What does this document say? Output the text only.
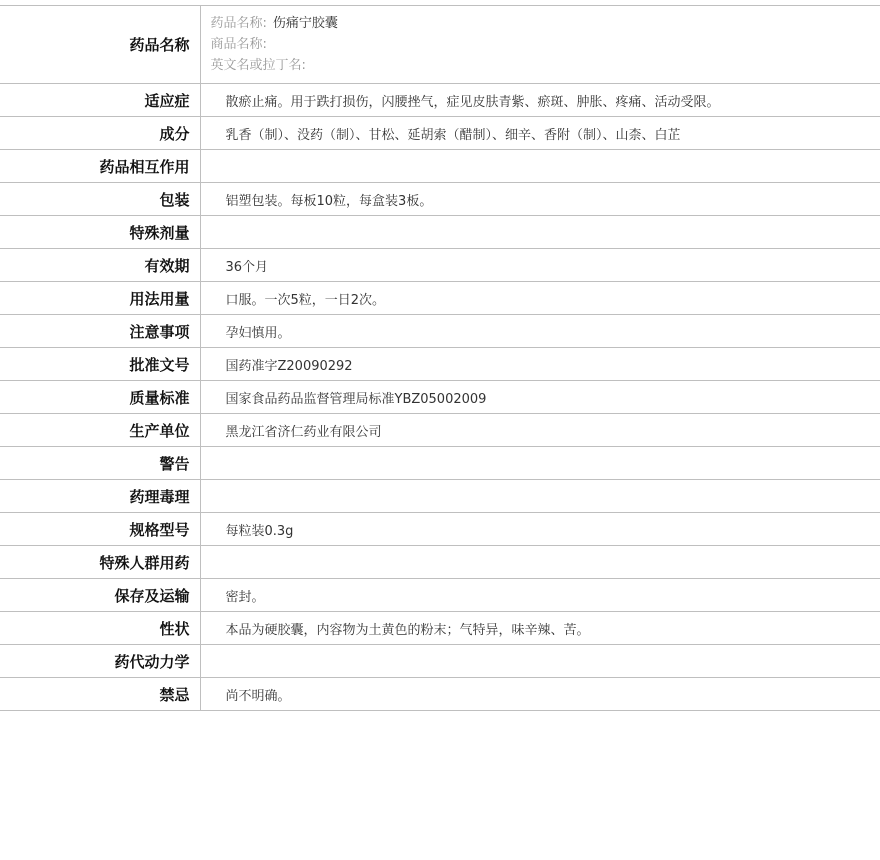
药品名称	药品名称: 伤痛宁胶囊
商品名称:
英文名或拉丁名:

适应症	散瘀止痛。用于跌打损伤，闪腰挫气，症见皮肤青紫、瘀斑、肿胀、疼痛、活动受限。
成分	乳香（制）、没药（制）、甘松、延胡索（醋制）、细辛、香附（制）、山柰、白芷
药品相互作用	
包装	铝塑包装。每板10粒，每盒装3板。
特殊剂量	
有效期	36个月
用法用量	口服。一次5粒，一日2次。
注意事项	孕妇慎用。
批准文号	国药准字Z20090292
质量标准	国家食品药品监督管理局标准YBZ05002009
生产单位	黑龙江省济仁药业有限公司
警告	
药理毒理	
规格型号	每粒装0.3g
特殊人群用药	
保存及运输	密封。
性状	本品为硬胶囊，内容物为土黄色的粉末；气特异，味辛辣、苦。
药代动力学	
禁忌	尚不明确。
